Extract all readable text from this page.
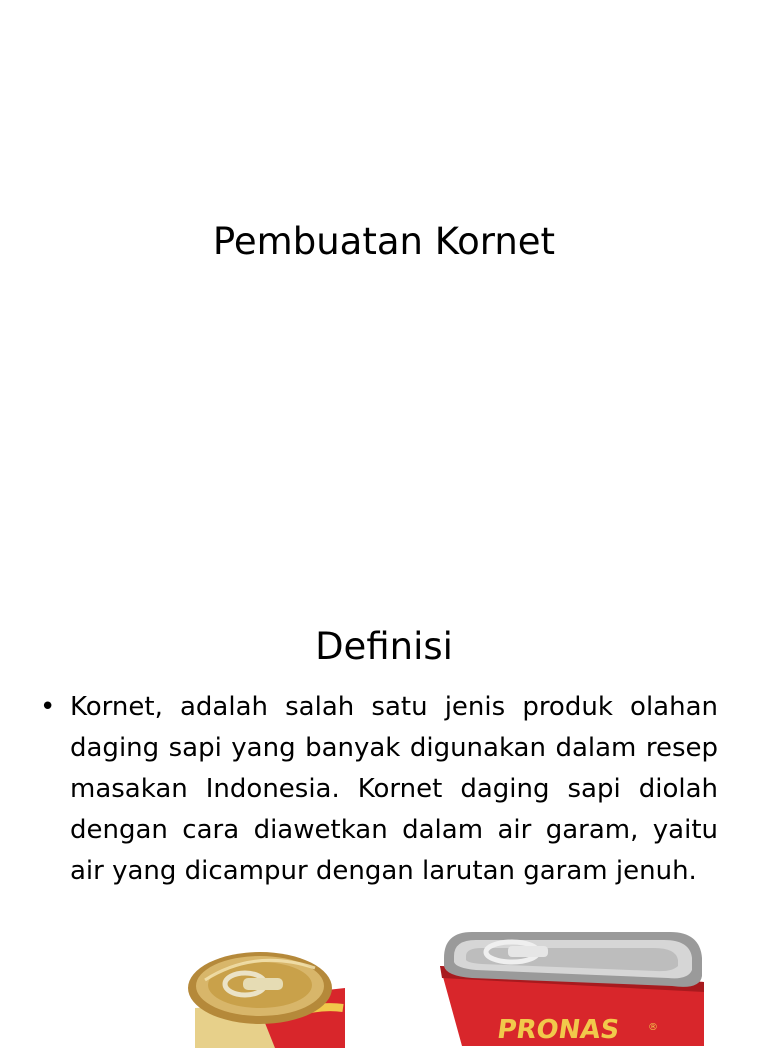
Pembuatan Kornet
Definisi
• Kornet, adalah salah satu jenis produk olahan daging sapi yang banyak digunakan dalam resep masakan Indonesia. Kornet daging sapi diolah dengan cara diawetkan dalam air garam, yaitu air yang dicampur dengan larutan garam jenuh.
PRONAS	®
